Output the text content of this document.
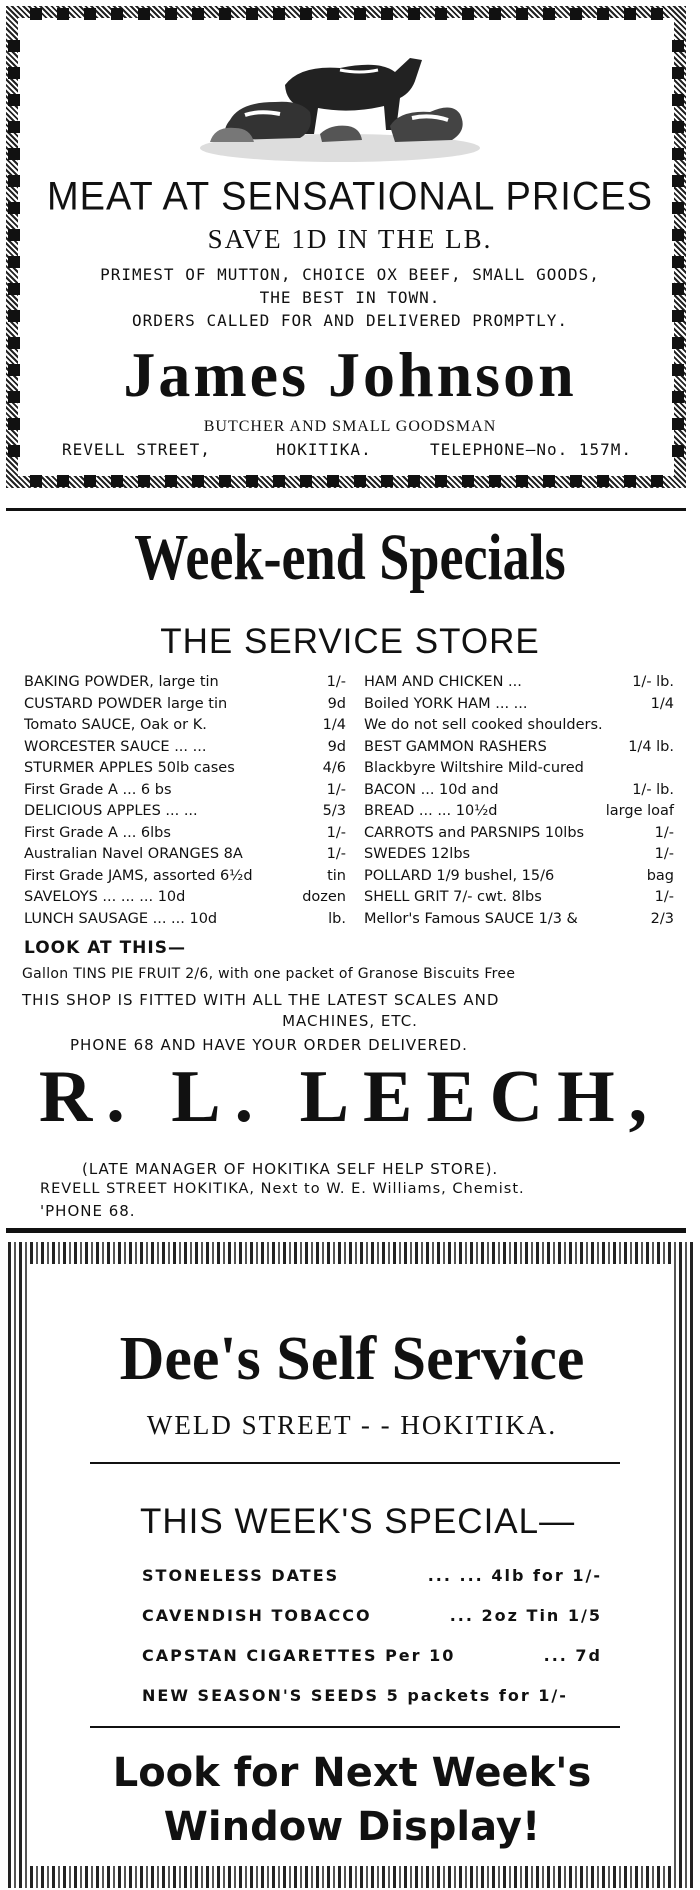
MEAT AT SENSATIONAL PRICES
SAVE 1D IN THE LB.
PRIMEST OF MUTTON, CHOICE OX BEEF, SMALL GOODS,
THE BEST IN TOWN.
ORDERS CALLED FOR AND DELIVERED PROMPTLY.
James Johnson
BUTCHER AND SMALL GOODSMAN
REVELL STREET,	HOKITIKA.	TELEPHONE—No. 157M.
Week-end Specials
THE SERVICE STORE
BAKING POWDER, large tin	1/-
CUSTARD POWDER large tin	9d
Tomato SAUCE, Oak or K.	1/4
WORCESTER SAUCE ... ...	9d
STURMER APPLES 50lb cases	4/6
First Grade A ... 6 bs	1/-
DELICIOUS APPLES ... ...	5/3
First Grade A ... 6lbs	1/-
Australian Navel ORANGES 8A	1/-
First Grade JAMS, assorted 6½d	tin
SAVELOYS ... ... ... 10d	dozen
LUNCH SAUSAGE ... ... 10d	lb.
HAM AND CHICKEN ...	1/- lb.
Boiled YORK HAM ... ...	1/4
We do not sell cooked shoulders.
BEST GAMMON RASHERS	1/4 lb.
Blackbyre Wiltshire Mild-cured
BACON ... 10d and	1/- lb.
BREAD ... ... 10½d	large loaf
CARROTS and PARSNIPS 10lbs	1/-
SWEDES 12lbs	1/-
POLLARD 1/9 bushel, 15/6	bag
SHELL GRIT 7/- cwt. 8lbs	1/-
Mellor's Famous SAUCE 1/3 &	2/3
LOOK AT THIS—
Gallon TINS PIE FRUIT 2/6, with one packet of Granose Biscuits Free
THIS SHOP IS FITTED WITH ALL THE LATEST SCALES AND
MACHINES, ETC.
PHONE 68 AND HAVE YOUR ORDER DELIVERED.
R. L. LEECH,
(LATE MANAGER OF HOKITIKA SELF HELP STORE).
REVELL STREET HOKITIKA, Next to W. E. Williams, Chemist.
'PHONE 68.
Dee's Self Service
WELD STREET - - HOKITIKA.
THIS WEEK'S SPECIAL—
STONELESS DATES	... ... 4lb for 1/-
CAVENDISH TOBACCO	... 2oz Tin 1/5
CAPSTAN CIGARETTES Per 10	... 7d
NEW SEASON'S SEEDS 5 packets for 1/-
Look for Next Week's
Window Display!
